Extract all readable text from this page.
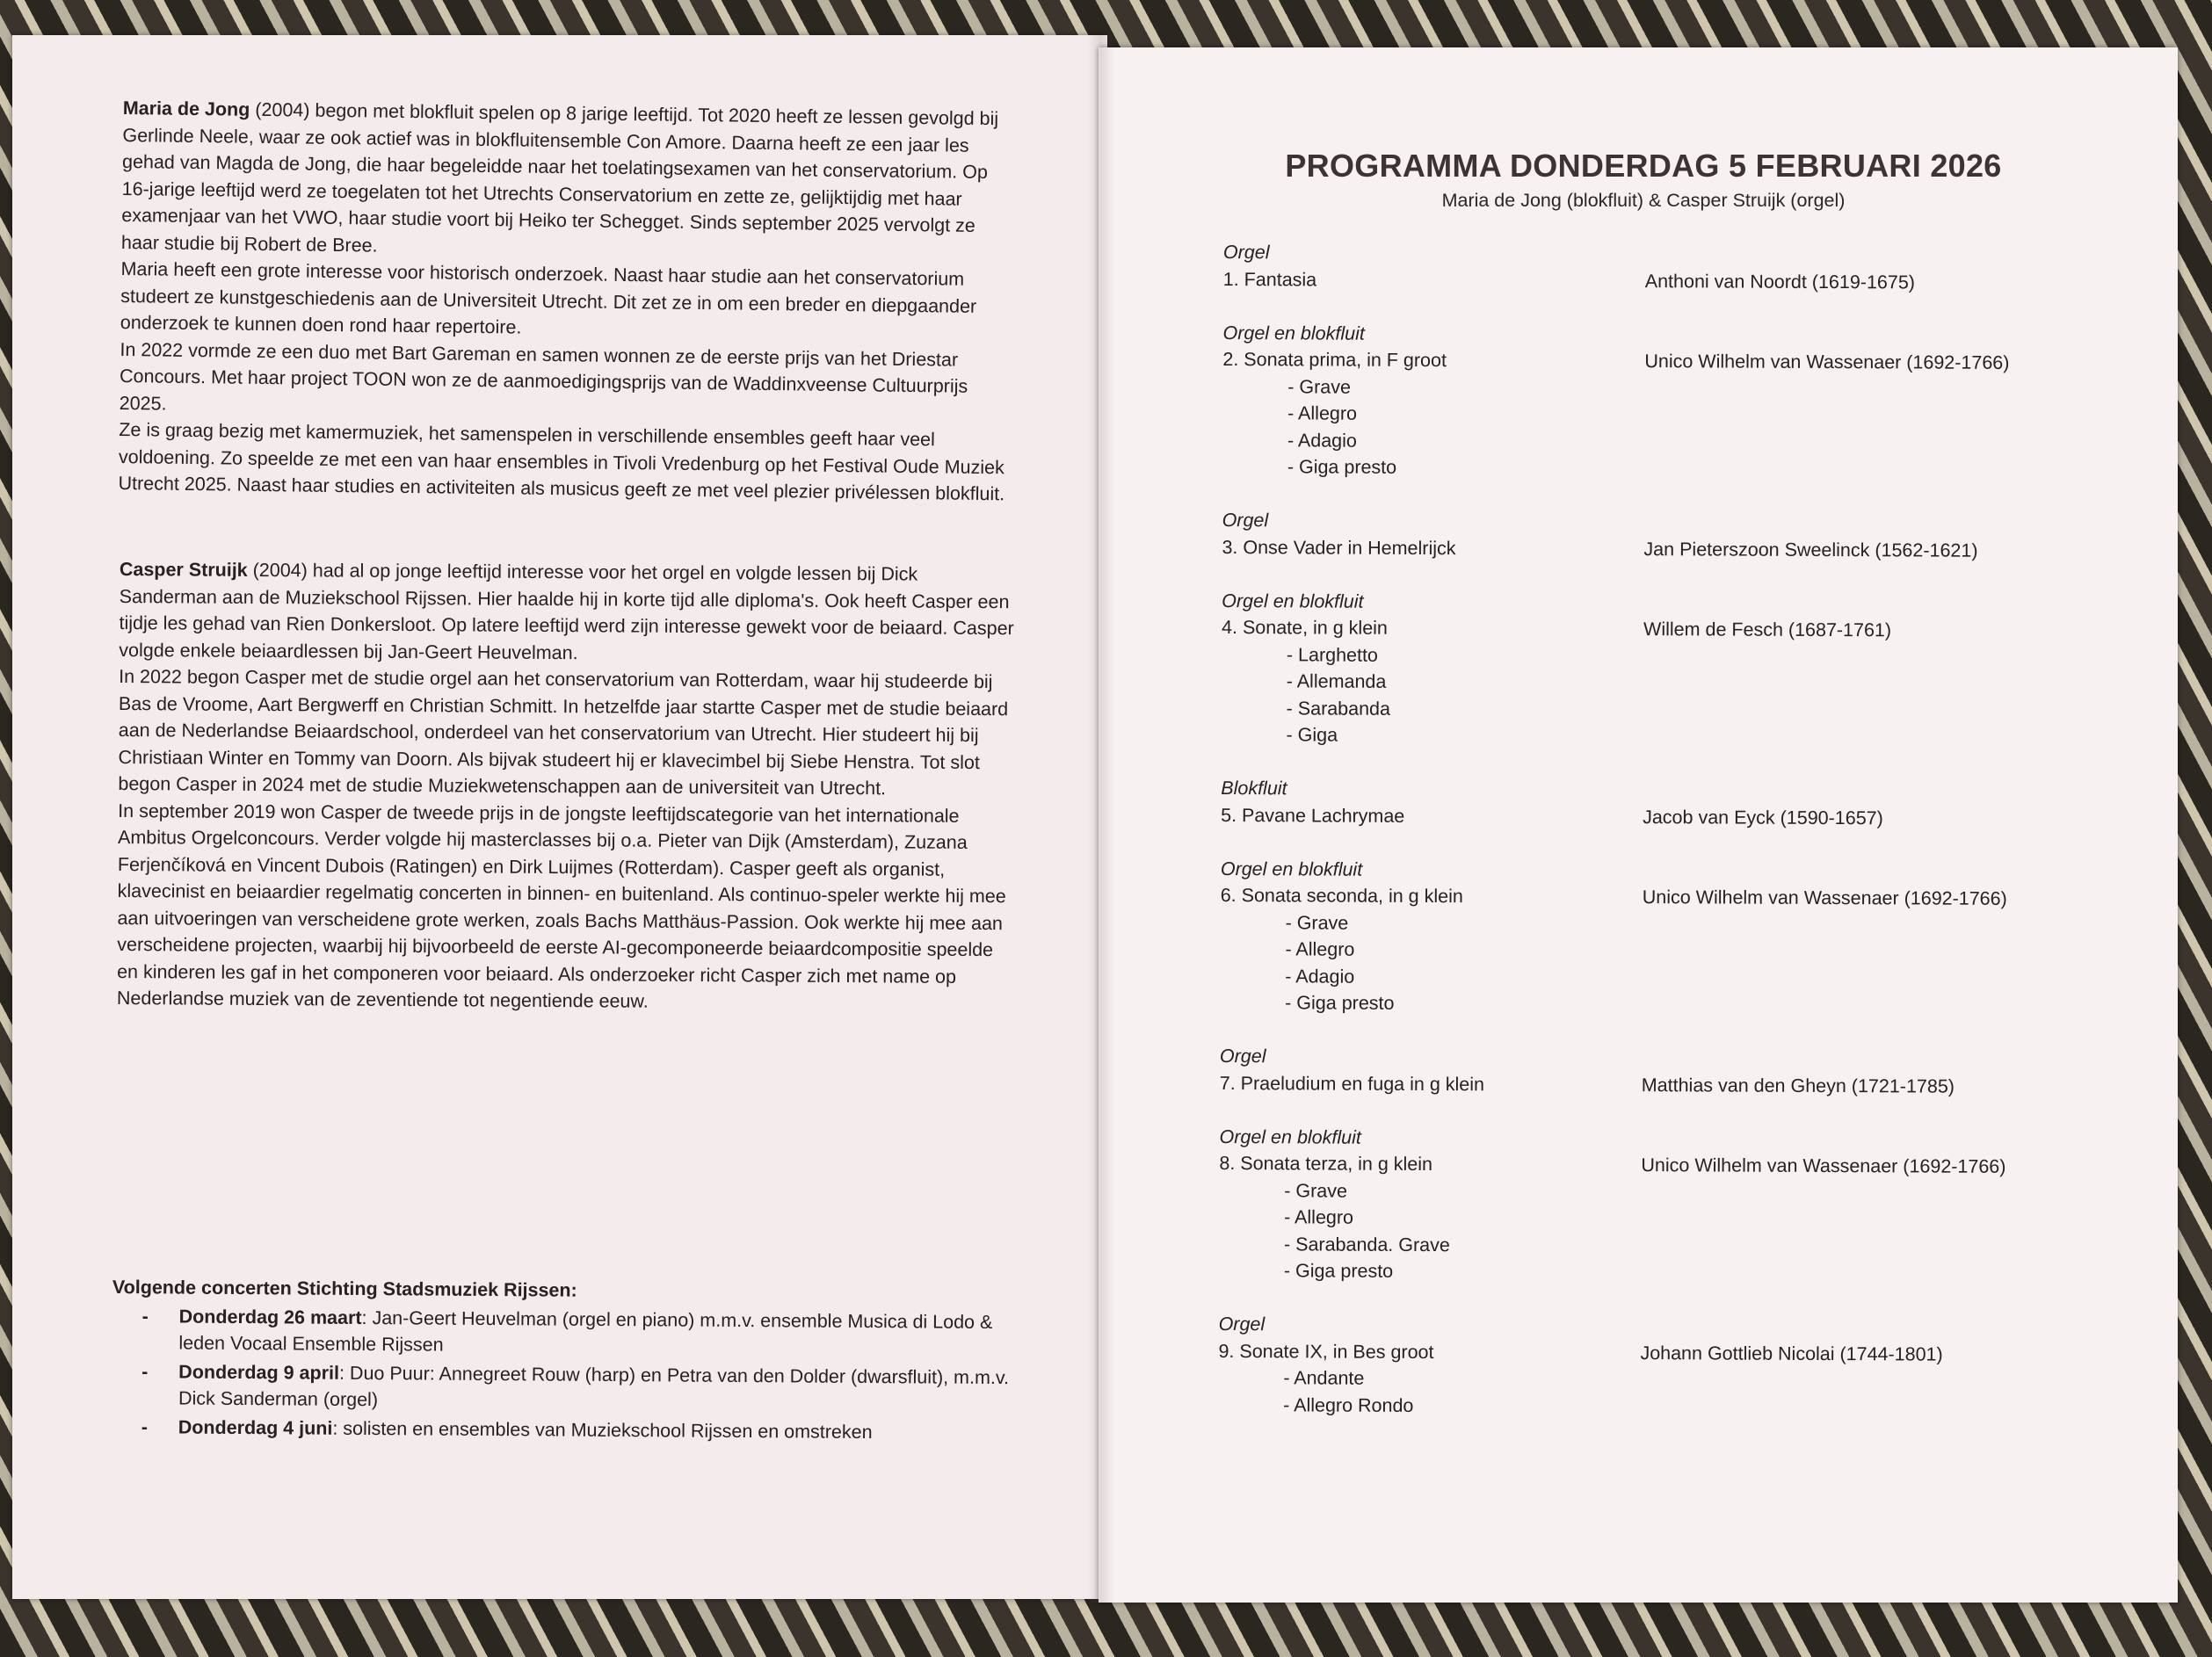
Maria de Jong (2004) begon met blokfluit spelen op 8 jarige leeftijd. Tot 2020 heeft ze lessen gevolgd bij Gerlinde Neele, waar ze ook actief was in blokfluitensemble Con Amore. Daarna heeft ze een jaar les gehad van Magda de Jong, die haar begeleidde naar het toelatingsexamen van het conservatorium. Op 16-jarige leeftijd werd ze toegelaten tot het Utrechts Conservatorium en zette ze, gelijktijdig met haar examenjaar van het VWO, haar studie voort bij Heiko ter Schegget. Sinds september 2025 vervolgt ze haar studie bij Robert de Bree.

Maria heeft een grote interesse voor historisch onderzoek. Naast haar studie aan het conservatorium studeert ze kunstgeschiedenis aan de Universiteit Utrecht. Dit zet ze in om een breder en diepgaander onderzoek te kunnen doen rond haar repertoire.

In 2022 vormde ze een duo met Bart Gareman en samen wonnen ze de eerste prijs van het Driestar Concours. Met haar project TOON won ze de aanmoedigingsprijs van de Waddinxveense Cultuurprijs 2025.

Ze is graag bezig met kamermuziek, het samenspelen in verschillende ensembles geeft haar veel voldoening. Zo speelde ze met een van haar ensembles in Tivoli Vredenburg op het Festival Oude Muziek Utrecht 2025. Naast haar studies en activiteiten als musicus geeft ze met veel plezier privélessen blokfluit.

Casper Struijk (2004) had al op jonge leeftijd interesse voor het orgel en volgde lessen bij Dick Sanderman aan de Muziekschool Rijssen. Hier haalde hij in korte tijd alle diploma's. Ook heeft Casper een tijdje les gehad van Rien Donkersloot. Op latere leeftijd werd zijn interesse gewekt voor de beiaard. Casper volgde enkele beiaardlessen bij Jan-Geert Heuvelman.

In 2022 begon Casper met de studie orgel aan het conservatorium van Rotterdam, waar hij studeerde bij Bas de Vroome, Aart Bergwerff en Christian Schmitt. In hetzelfde jaar startte Casper met de studie beiaard aan de Nederlandse Beiaardschool, onderdeel van het conservatorium van Utrecht. Hier studeert hij bij Christiaan Winter en Tommy van Doorn. Als bijvak studeert hij er klavecimbel bij Siebe Henstra. Tot slot begon Casper in 2024 met de studie Muziekwetenschappen aan de universiteit van Utrecht.

In september 2019 won Casper de tweede prijs in de jongste leeftijdscategorie van het internationale Ambitus Orgelconcours. Verder volgde hij masterclasses bij o.a. Pieter van Dijk (Amsterdam), Zuzana Ferjenčíková en Vincent Dubois (Ratingen) en Dirk Luijmes (Rotterdam). Casper geeft als organist, klavecinist en beiaardier regelmatig concerten in binnen- en buitenland. Als continuo-speler werkte hij mee aan uitvoeringen van verscheidene grote werken, zoals Bachs Matthäus-Passion. Ook werkte hij mee aan verscheidene projecten, waarbij hij bijvoorbeeld de eerste AI-gecomponeerde beiaardcompositie speelde en kinderen les gaf in het componeren voor beiaard. Als onderzoeker richt Casper zich met name op Nederlandse muziek van de zeventiende tot negentiende eeuw.

Volgende concerten Stichting Stadsmuziek Rijssen:
- Donderdag 26 maart: Jan-Geert Heuvelman (orgel en piano) m.m.v. ensemble Musica di Lodo & leden Vocaal Ensemble Rijssen
- Donderdag 9 april: Duo Puur: Annegreet Rouw (harp) en Petra van den Dolder (dwarsfluit), m.m.v. Dick Sanderman (orgel)
- Donderdag 4 juni: solisten en ensembles van Muziekschool Rijssen en omstreken
PROGRAMMA DONDERDAG 5 FEBRUARI 2026
Maria de Jong (blokfluit) & Casper Struijk (orgel)
Orgel
1. Fantasia	Anthoni van Noordt (1619-1675)
Orgel en blokfluit
2. Sonata prima, in F groot	Unico Wilhelm van Wassenaer (1692-1766)
- Grave
- Allegro
- Adagio
- Giga presto
Orgel
3. Onse Vader in Hemelrijck	Jan Pieterszoon Sweelinck (1562-1621)
Orgel en blokfluit
4. Sonate, in g klein	Willem de Fesch (1687-1761)
- Larghetto
- Allemanda
- Sarabanda
- Giga
Blokfluit
5. Pavane Lachrymae	Jacob van Eyck (1590-1657)
Orgel en blokfluit
6. Sonata seconda, in g klein	Unico Wilhelm van Wassenaer (1692-1766)
- Grave
- Allegro
- Adagio
- Giga presto
Orgel
7. Praeludium en fuga in g klein	Matthias van den Gheyn (1721-1785)
Orgel en blokfluit
8. Sonata terza, in g klein	Unico Wilhelm van Wassenaer (1692-1766)
- Grave
- Allegro
- Sarabanda. Grave
- Giga presto
Orgel
9. Sonate IX, in Bes groot	Johann Gottlieb Nicolai (1744-1801)
- Andante
- Allegro Rondo
